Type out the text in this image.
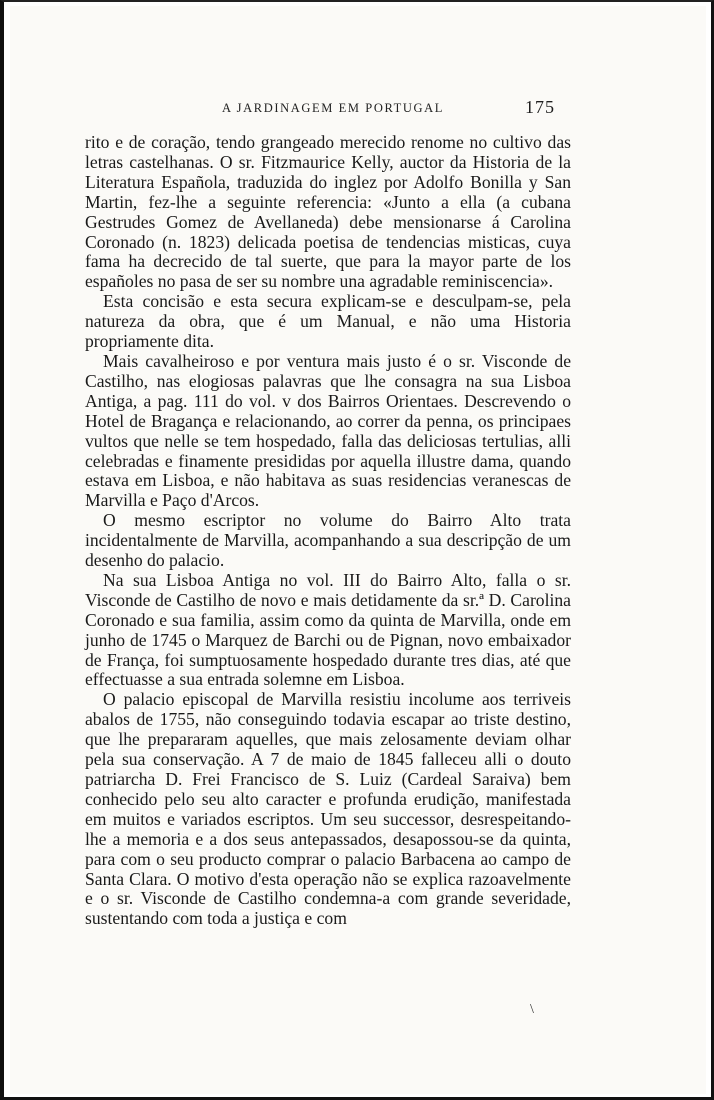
A JARDINAGEM EM PORTUGAL	175

rito e de coração, tendo grangeado merecido renome no cultivo das letras castelhanas. O sr. Fitzmaurice Kelly, auctor da Historia de la Literatura Española, traduzida do inglez por Adolfo Bonilla y San Martin, fez-lhe a seguinte referencia: «Junto a ella (a cubana Gestrudes Gomez de Avellaneda) debe mensionarse á Carolina Coronado (n. 1823) delicada poetisa de tendencias misticas, cuya fama ha decrecido de tal suerte, que para la mayor parte de los españoles no pasa de ser su nombre una agradable reminiscencia».

Esta concisão e esta secura explicam-se e desculpam-se, pela natureza da obra, que é um Manual, e não uma Historia propriamente dita.

Mais cavalheiroso e por ventura mais justo é o sr. Visconde de Castilho, nas elogiosas palavras que lhe consagra na sua Lisboa Antiga, a pag. 111 do vol. v dos Bairros Orientaes. Descrevendo o Hotel de Bragança e relacionando, ao correr da penna, os principaes vultos que nelle se tem hospedado, falla das deliciosas tertulias, alli celebradas e finamente presididas por aquella illustre dama, quando estava em Lisboa, e não habitava as suas residencias veranescas de Marvilla e Paço d'Arcos.

O mesmo escriptor no volume do Bairro Alto trata incidentalmente de Marvilla, acompanhando a sua descripção de um desenho do palacio.

Na sua Lisboa Antiga no vol. III do Bairro Alto, falla o sr. Visconde de Castilho de novo e mais detidamente da sr.ª D. Carolina Coronado e sua familia, assim como da quinta de Marvilla, onde em junho de 1745 o Marquez de Barchi ou de Pignan, novo embaixador de França, foi sumptuosamente hospedado durante tres dias, até que effectuasse a sua entrada solemne em Lisboa.

O palacio episcopal de Marvilla resistiu incolume aos terriveis abalos de 1755, não conseguindo todavia escapar ao triste destino, que lhe prepararam aquelles, que mais zelosamente deviam olhar pela sua conservação. A 7 de maio de 1845 falleceu alli o douto patriarcha D. Frei Francisco de S. Luiz (Cardeal Saraiva) bem conhecido pelo seu alto caracter e profunda erudição, manifestada em muitos e variados escriptos. Um seu successor, desrespeitando-lhe a memoria e a dos seus antepassados, desapossou-se da quinta, para com o seu producto comprar o palacio Barbacena ao campo de Santa Clara. O motivo d'esta operação não se explica razoavelmente e o sr. Visconde de Castilho condemna-a com grande severidade, sustentando com toda a justiça e com

\
